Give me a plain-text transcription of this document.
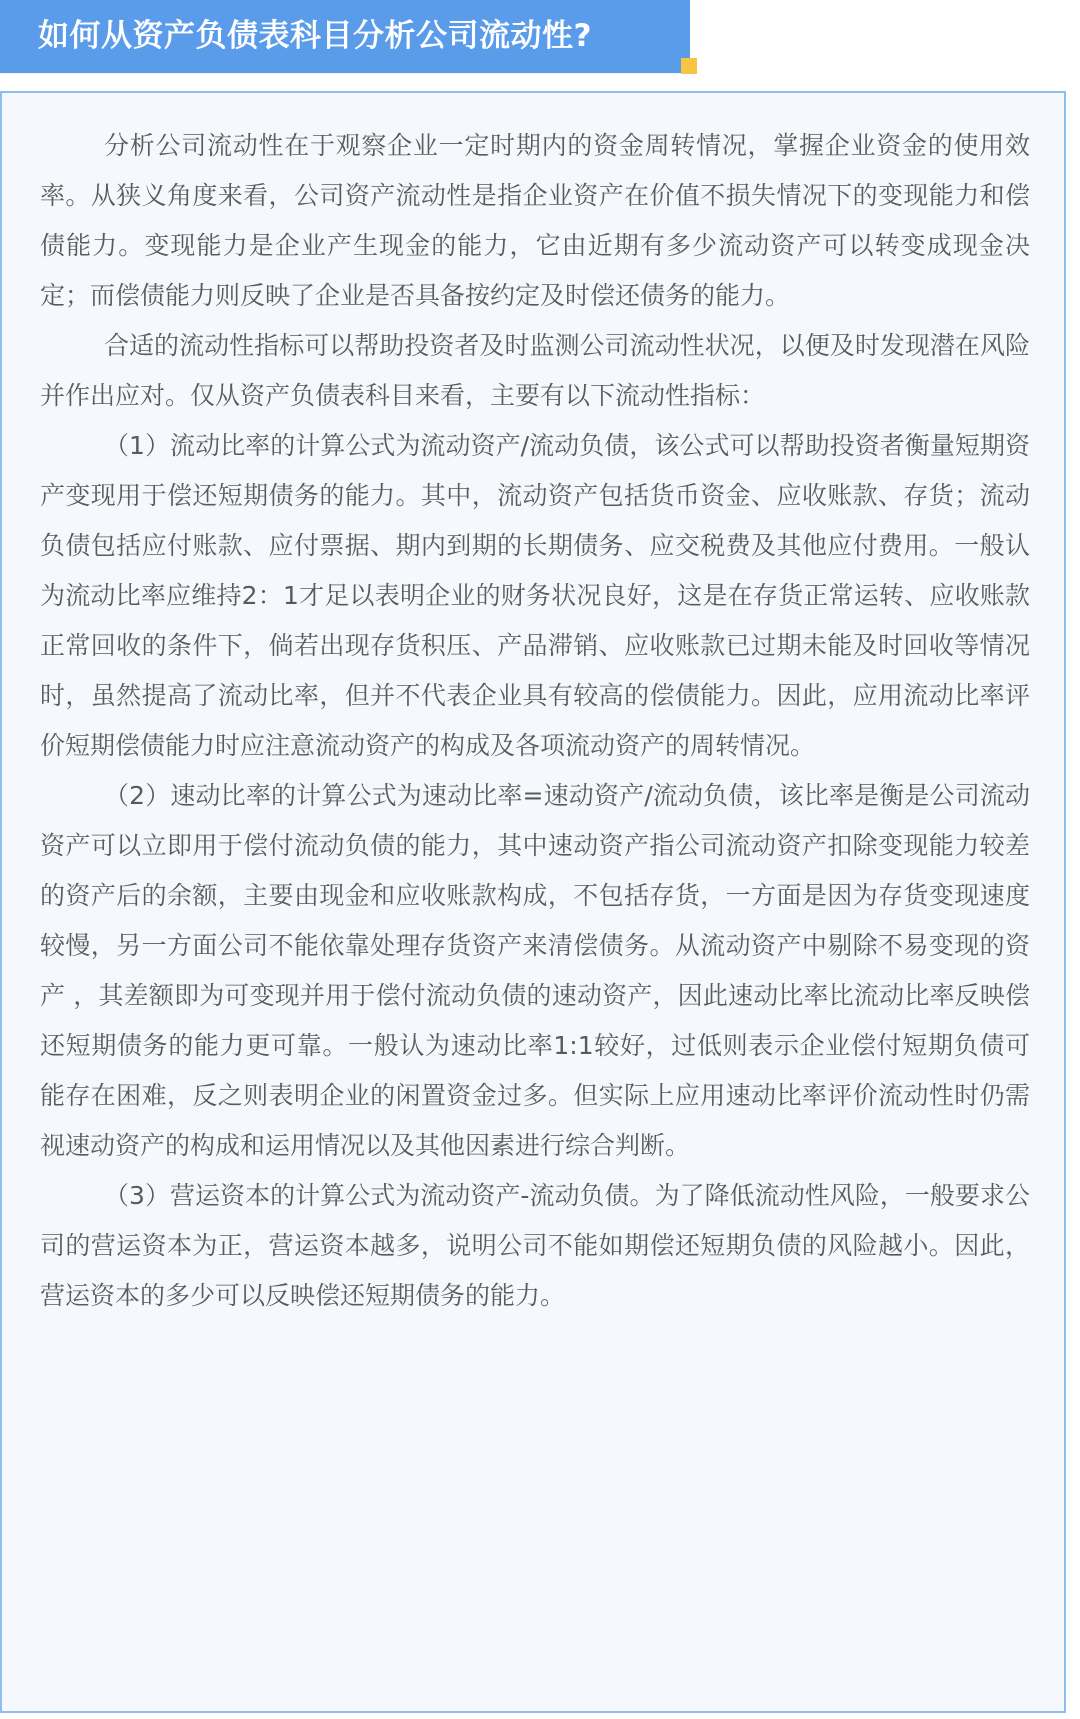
如何从资产负债表科目分析公司流动性?

分析公司流动性在于观察企业一定时期内的资金周转情况，掌握企业资金的使用效率。从狭义角度来看，公司资产流动性是指企业资产在价值不损失情况下的变现能力和偿债能力。变现能力是企业产生现金的能力，它由近期有多少流动资产可以转变成现金决定；而偿债能力则反映了企业是否具备按约定及时偿还债务的能力。

合适的流动性指标可以帮助投资者及时监测公司流动性状况，以便及时发现潜在风险并作出应对。仅从资产负债表科目来看，主要有以下流动性指标：

（1）流动比率的计算公式为流动资产/流动负债，该公式可以帮助投资者衡量短期资产变现用于偿还短期债务的能力。其中，流动资产包括货币资金、应收账款、存货；流动负债包括应付账款、应付票据、期内到期的长期债务、应交税费及其他应付费用。一般认为流动比率应维持2：1才足以表明企业的财务状况良好，这是在存货正常运转、应收账款正常回收的条件下，倘若出现存货积压、产品滞销、应收账款已过期未能及时回收等情况时，虽然提高了流动比率，但并不代表企业具有较高的偿债能力。因此，应用流动比率评价短期偿债能力时应注意流动资产的构成及各项流动资产的周转情况。

（2）速动比率的计算公式为速动比率=速动资产/流动负债，该比率是衡是公司流动资产可以立即用于偿付流动负债的能力，其中速动资产指公司流动资产扣除变现能力较差的资产后的余额，主要由现金和应收账款构成，不包括存货，一方面是因为存货变现速度较慢，另一方面公司不能依靠处理存货资产来清偿债务。从流动资产中剔除不易变现的资产 ，其差额即为可变现并用于偿付流动负债的速动资产，因此速动比率比流动比率反映偿还短期债务的能力更可靠。一般认为速动比率1:1较好，过低则表示企业偿付短期负债可能存在困难，反之则表明企业的闲置资金过多。但实际上应用速动比率评价流动性时仍需视速动资产的构成和运用情况以及其他因素进行综合判断。

（3）营运资本的计算公式为流动资产-流动负债。为了降低流动性风险，一般要求公司的营运资本为正，营运资本越多，说明公司不能如期偿还短期负债的风险越小。因此，营运资本的多少可以反映偿还短期债务的能力。
